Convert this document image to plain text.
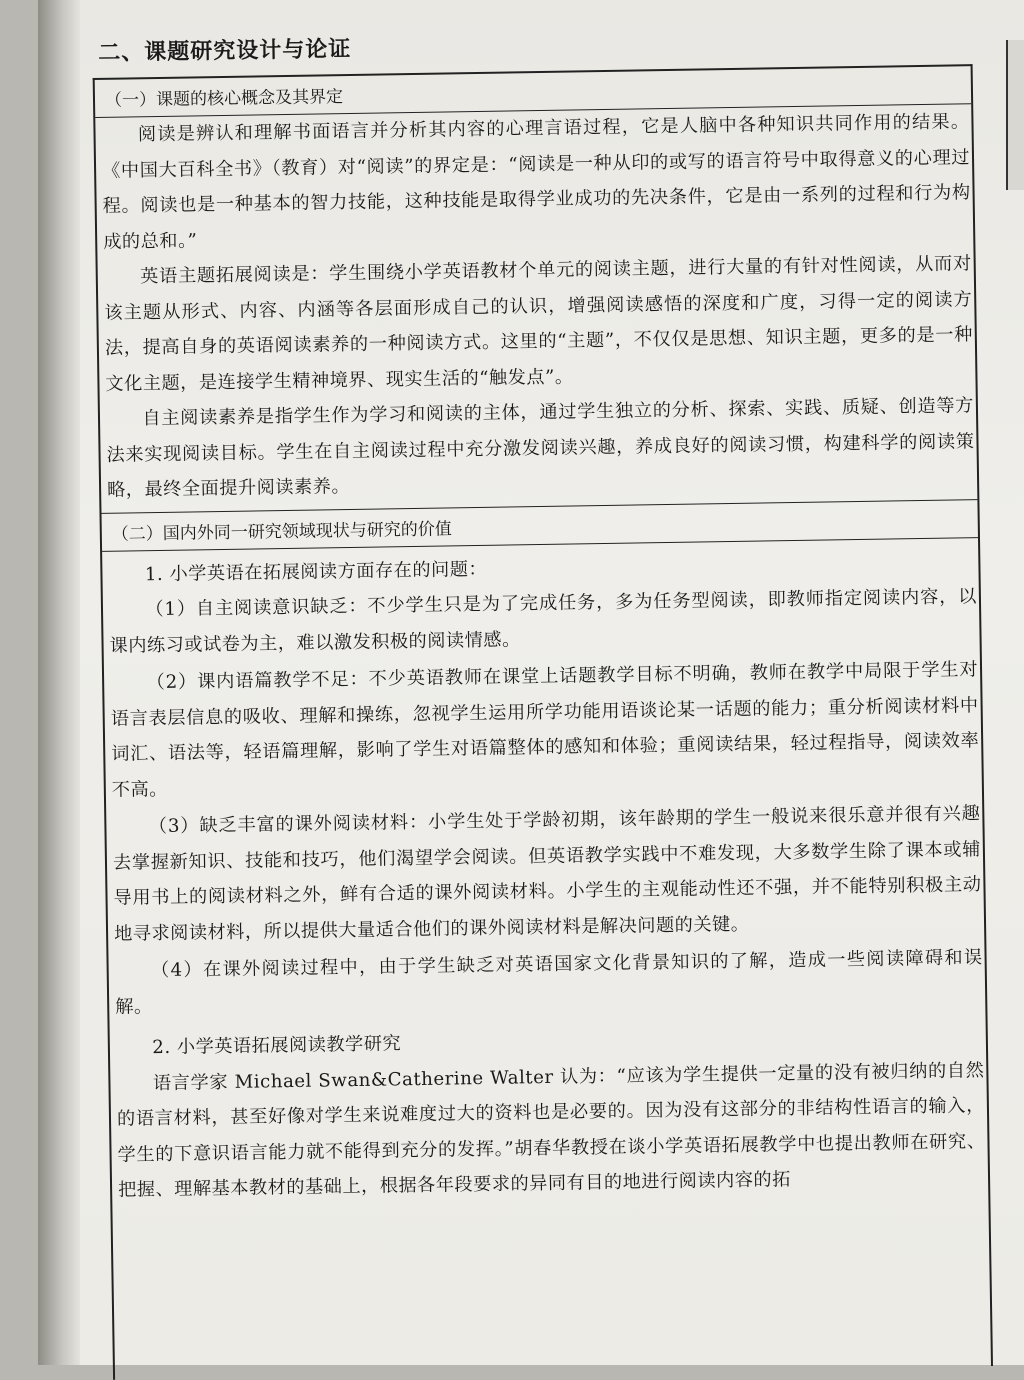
二、课题研究设计与论证
（一）课题的核心概念及其界定

阅读是辨认和理解书面语言并分析其内容的心理言语过程，它是人脑中各种知识共同作用的结果。《中国大百科全书》（教育）对“阅读”的界定是：“阅读是一种从印的或写的语言符号中取得意义的心理过程。阅读也是一种基本的智力技能，这种技能是取得学业成功的先决条件，它是由一系列的过程和行为构成的总和。”

英语主题拓展阅读是：学生围绕小学英语教材个单元的阅读主题，进行大量的有针对性阅读，从而对该主题从形式、内容、内涵等各层面形成自己的认识，增强阅读感悟的深度和广度，习得一定的阅读方法，提高自身的英语阅读素养的一种阅读方式。这里的“主题”，不仅仅是思想、知识主题，更多的是一种文化主题，是连接学生精神境界、现实生活的“触发点”。

自主阅读素养是指学生作为学习和阅读的主体，通过学生独立的分析、探索、实践、质疑、创造等方法来实现阅读目标。学生在自主阅读过程中充分激发阅读兴趣，养成良好的阅读习惯，构建科学的阅读策略，最终全面提升阅读素养。

（二）国内外同一研究领域现状与研究的价值

1. 小学英语在拓展阅读方面存在的问题：

（1）自主阅读意识缺乏：不少学生只是为了完成任务，多为任务型阅读，即教师指定阅读内容，以课内练习或试卷为主，难以激发积极的阅读情感。

（2）课内语篇教学不足：不少英语教师在课堂上话题教学目标不明确，教师在教学中局限于学生对语言表层信息的吸收、理解和操练，忽视学生运用所学功能用语谈论某一话题的能力；重分析阅读材料中词汇、语法等，轻语篇理解，影响了学生对语篇整体的感知和体验；重阅读结果，轻过程指导，阅读效率不高。

（3）缺乏丰富的课外阅读材料：小学生处于学龄初期，该年龄期的学生一般说来很乐意并很有兴趣去掌握新知识、技能和技巧，他们渴望学会阅读。但英语教学实践中不难发现，大多数学生除了课本或辅导用书上的阅读材料之外，鲜有合适的课外阅读材料。小学生的主观能动性还不强，并不能特别积极主动地寻求阅读材料，所以提供大量适合他们的课外阅读材料是解决问题的关键。

（4）在课外阅读过程中，由于学生缺乏对英语国家文化背景知识的了解，造成一些阅读障碍和误解。

2. 小学英语拓展阅读教学研究

语言学家 Michael Swan&Catherine Walter 认为：“应该为学生提供一定量的没有被归纳的自然的语言材料，甚至好像对学生来说难度过大的资料也是必要的。因为没有这部分的非结构性语言的输入，学生的下意识语言能力就不能得到充分的发挥。”胡春华教授在谈小学英语拓展教学中也提出教师在研究、把握、理解基本教材的基础上，根据各年段要求的异同有目的地进行阅读内容的拓
